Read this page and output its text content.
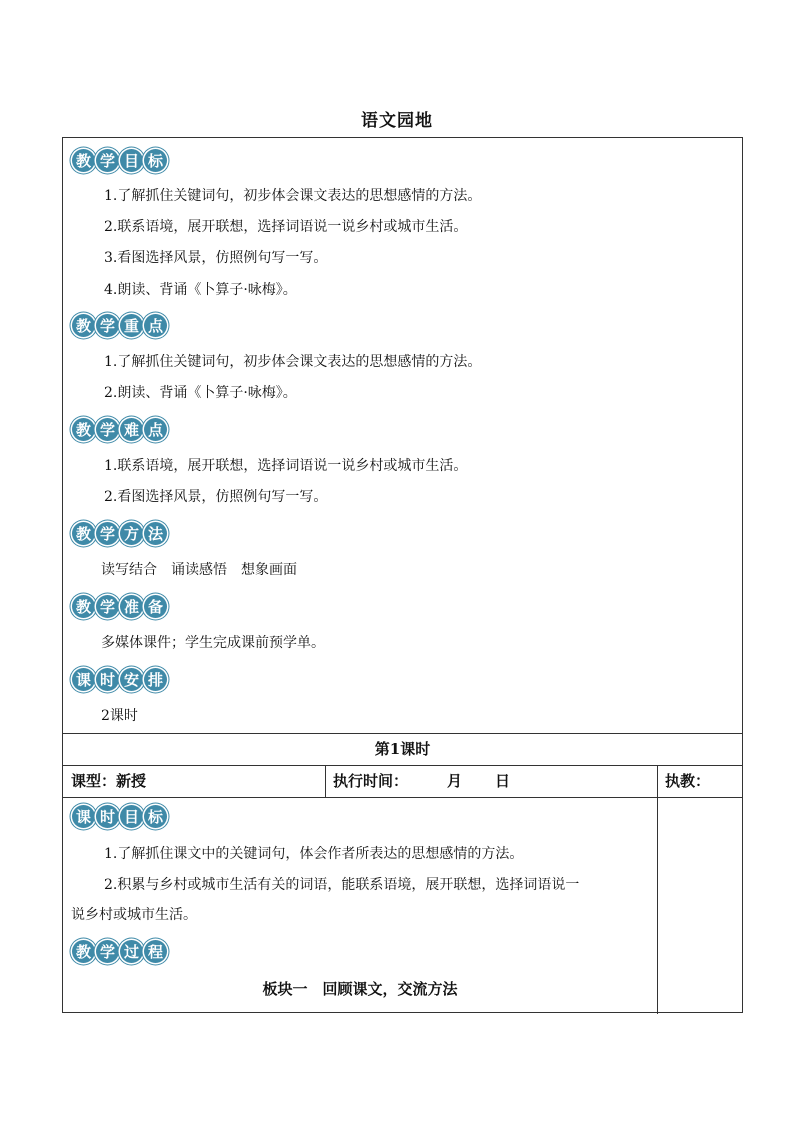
语文园地
教 学 目 标
1.了解抓住关键词句，初步体会课文表达的思想感情的方法。
2.联系语境，展开联想，选择词语说一说乡村或城市生活。
3.看图选择风景，仿照例句写一写。
4.朗读、背诵《卜算子·咏梅》。
教 学 重 点
1.了解抓住关键词句，初步体会课文表达的思想感情的方法。
2.朗读、背诵《卜算子·咏梅》。
教 学 难 点
1.联系语境，展开联想，选择词语说一说乡村或城市生活。
2.看图选择风景，仿照例句写一写。
教 学 方 法
读写结合　诵读感悟　想象画面
教 学 准 备
多媒体课件；学生完成课前预学单。
课 时 安 排
2课时
第1课时
课型：新授	执行时间：	月 日	执教：
课 时 目 标
1.了解抓住课文中的关键词句，体会作者所表达的思想感情的方法。
2.积累与乡村或城市生活有关的词语，能联系语境，展开联想，选择词语说一
说乡村或城市生活。
教 学 过 程
板块一　回顾课文，交流方法
